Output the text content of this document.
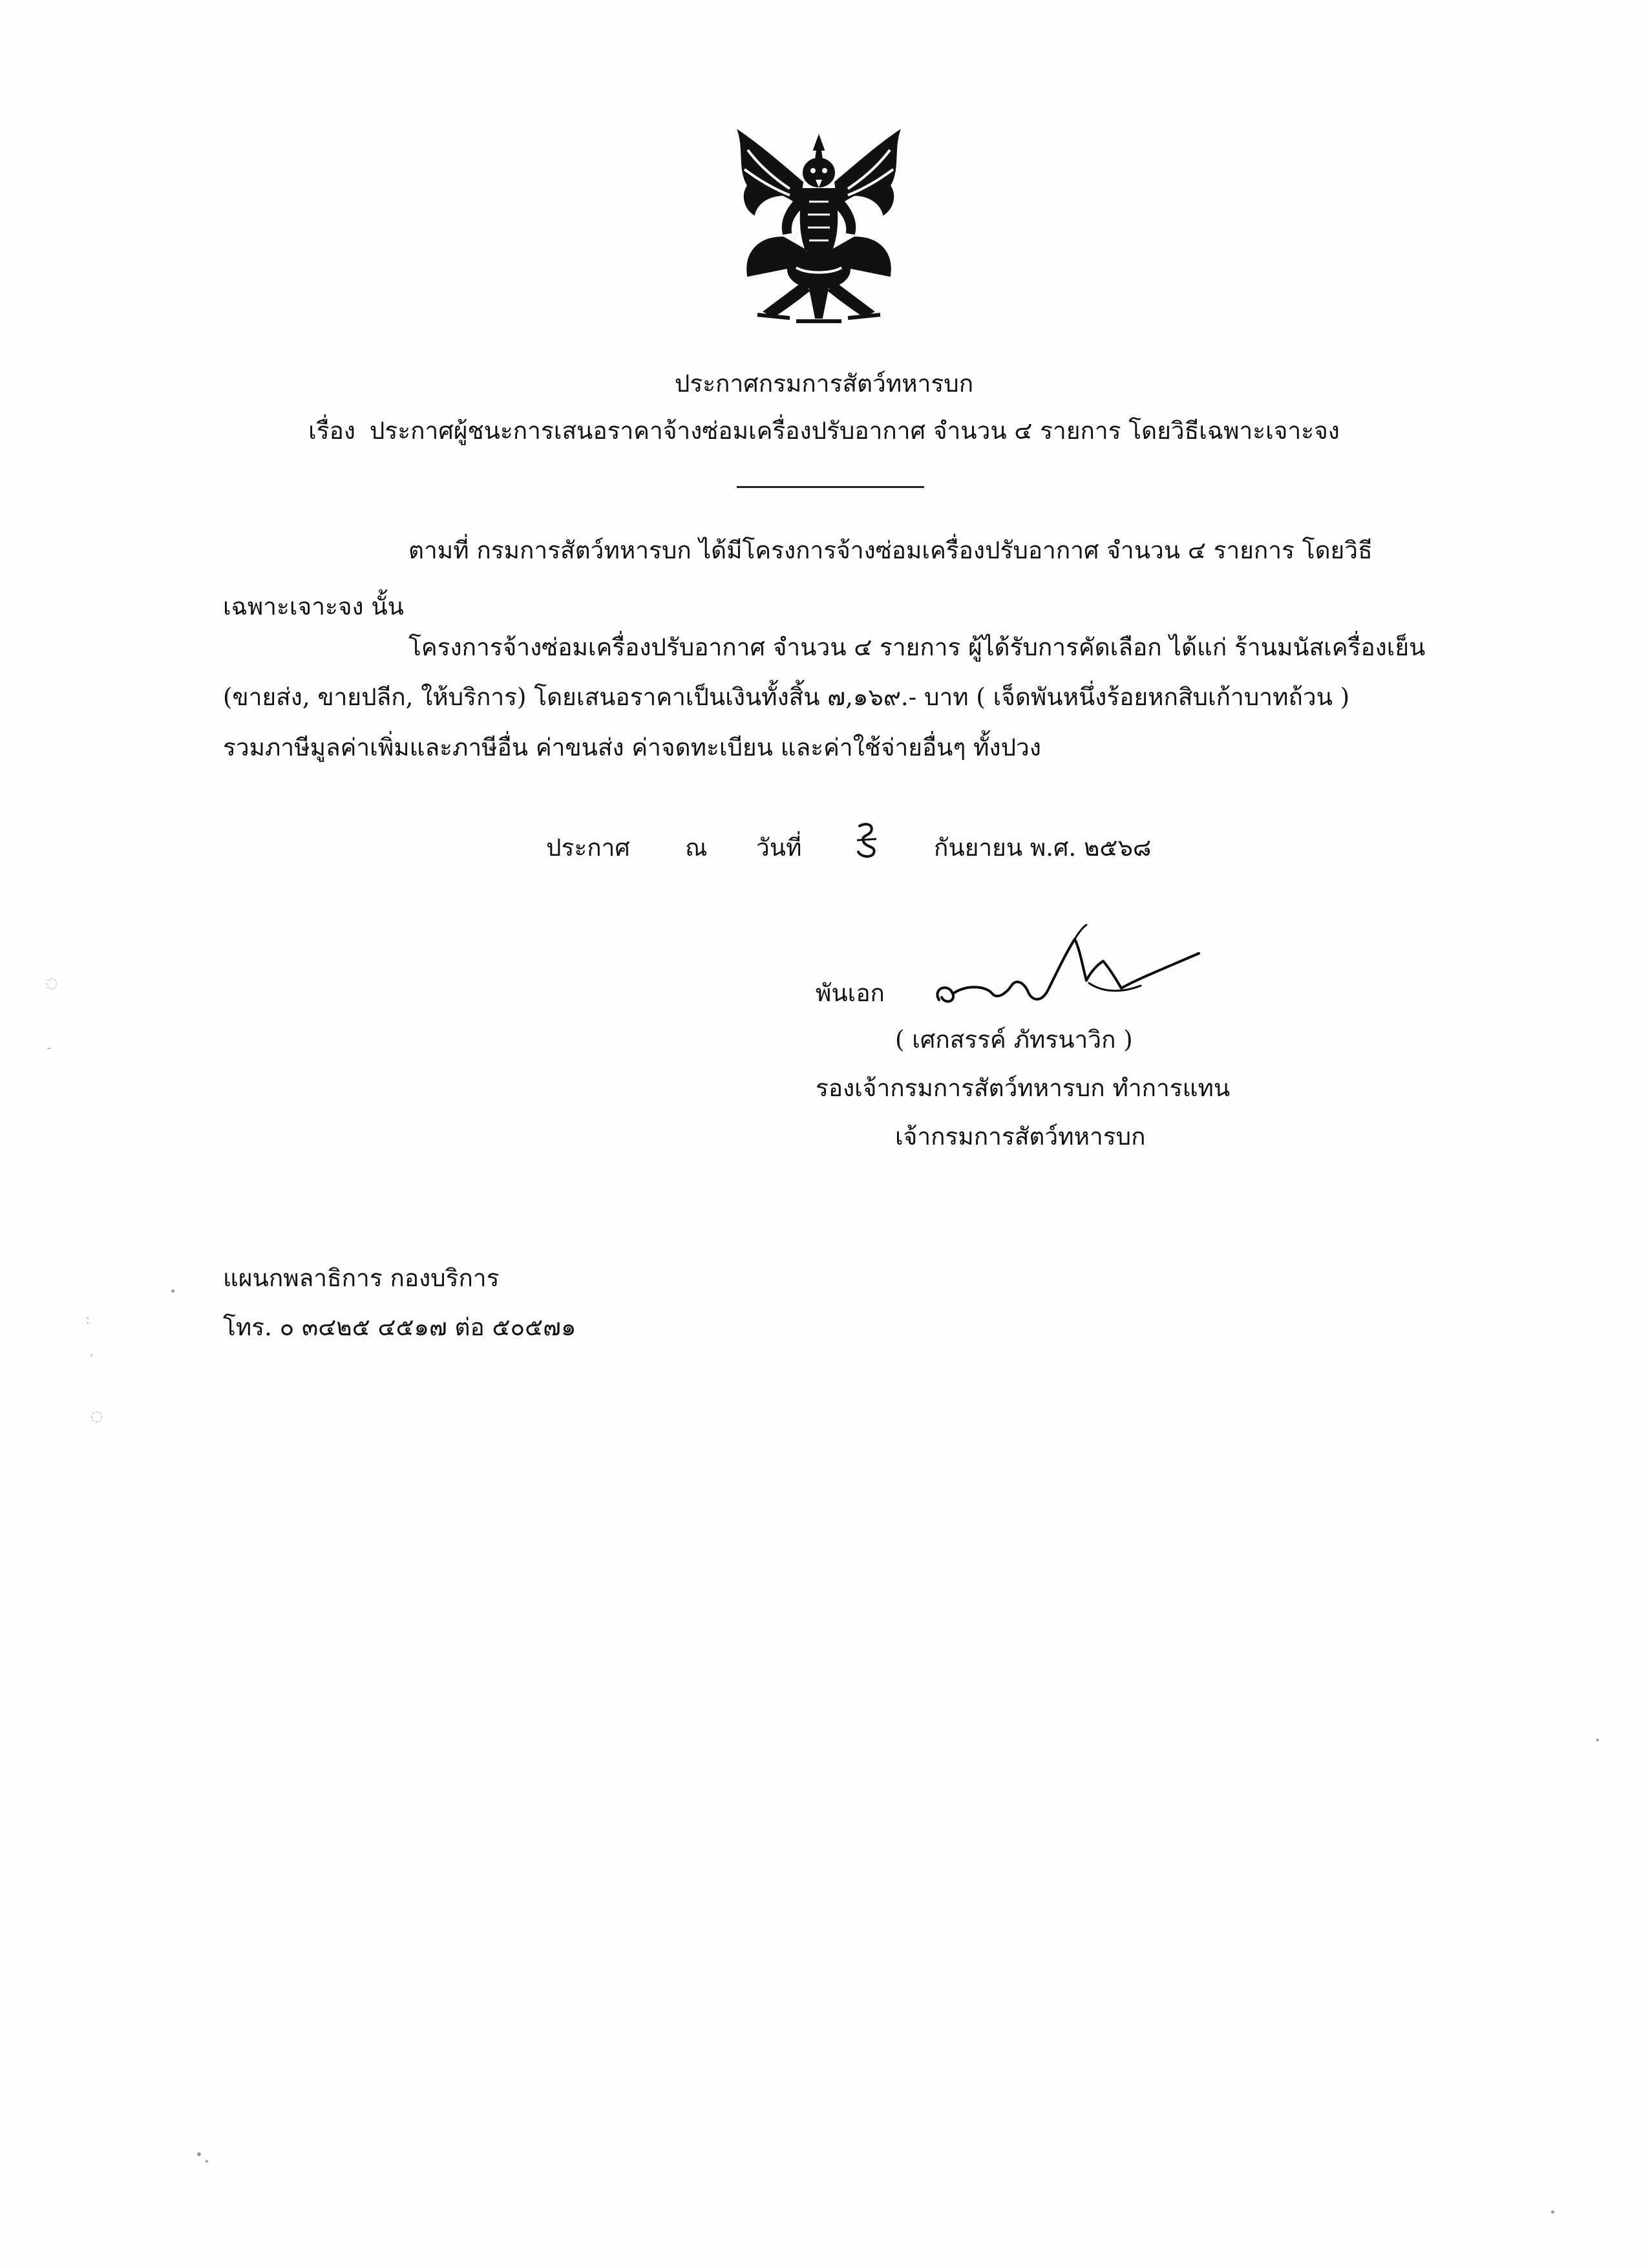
ประกาศกรมการสัตว์ทหารบก
เรื่อง ประกาศผู้ชนะการเสนอราคาจ้างซ่อมเครื่องปรับอากาศ จำนวน ๔ รายการ โดยวิธีเฉพาะเจาะจง
ตามที่ กรมการสัตว์ทหารบก ได้มีโครงการจ้างซ่อมเครื่องปรับอากาศ จำนวน ๔ รายการ โดยวิธี
เฉพาะเจาะจง นั้น
โครงการจ้างซ่อมเครื่องปรับอากาศ จำนวน ๔ รายการ ผู้ได้รับการคัดเลือก ได้แก่ ร้านมนัสเครื่องเย็น
(ขายส่ง, ขายปลีก, ให้บริการ) โดยเสนอราคาเป็นเงินทั้งสิ้น ๗,๑๖๙.- บาท ( เจ็ดพันหนึ่งร้อยหกสิบเก้าบาทถ้วน )
รวมภาษีมูลค่าเพิ่มและภาษีอื่น ค่าขนส่ง ค่าจดทะเบียน และค่าใช้จ่ายอื่นๆ ทั้งปวง
ประกาศ ณ วันที่	กันยายน พ.ศ. ๒๕๖๘
พันเอก
( เศกสรรค์ ภัทรนาวิก )
รองเจ้ากรมการสัตว์ทหารบก ทำการแทน
เจ้ากรมการสัตว์ทหารบก
แผนกพลาธิการ กองบริการ
โทร. ๐ ๓๔๒๕ ๔๕๑๗ ต่อ ๕๐๕๗๑
◌
-
:
.
◌
